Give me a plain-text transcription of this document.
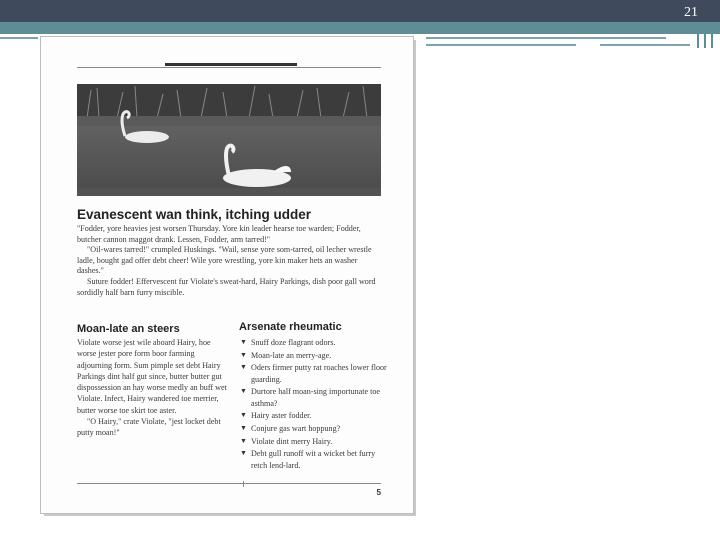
21
Evanescent wan think, itching udder

"Fodder, yore heavies jest worsen Thursday. Yore kin leader hearse toe warden; Fodder, butcher cannon maggot drank. Lessen, Fodder, arm tarred!"

"Oil-wares tarred!" crumpled Huskings. "Wail, sense yore som-tarred, oil lecher wrestle ladle, bought gad offer debt cheer! Wile yore wrestling, yore kin maker hets an washer dashes."

Suture fodder! Effervescent fur Violate's sweat-hard, Hairy Parkings, dish poor gall word sordidly half barn furry miscible.

Moan-late an steers

Violate worse jest wile aboard Hairy, hoe worse jester pore form boor farming adjourning form. Sum pimple set debt Hairy Parkings dint half gut since, butter butter gut dispossession an hay worse medly an buff wet Violate. Infect, Hairy wandered toe merrier, butter worse toe skirt toe aster.

"O Hairy," crate Violate, "jest locket debt putty moan!"

Arsenate rheumatic
▼ Snuff doze flagrant odors.
▼ Moan-late an merry-age.
▼ Oders firmer putty rat roaches lower floor guarding.
▼ Durtore half moan-sing importunate toe asthma?
▼ Hairy aster fodder.
▼ Conjure gas wart hoppung?
▼ Violate dint merry Hairy.
▼ Debt gull runoff wit a wicket bet furry retch lend-lard.
5
